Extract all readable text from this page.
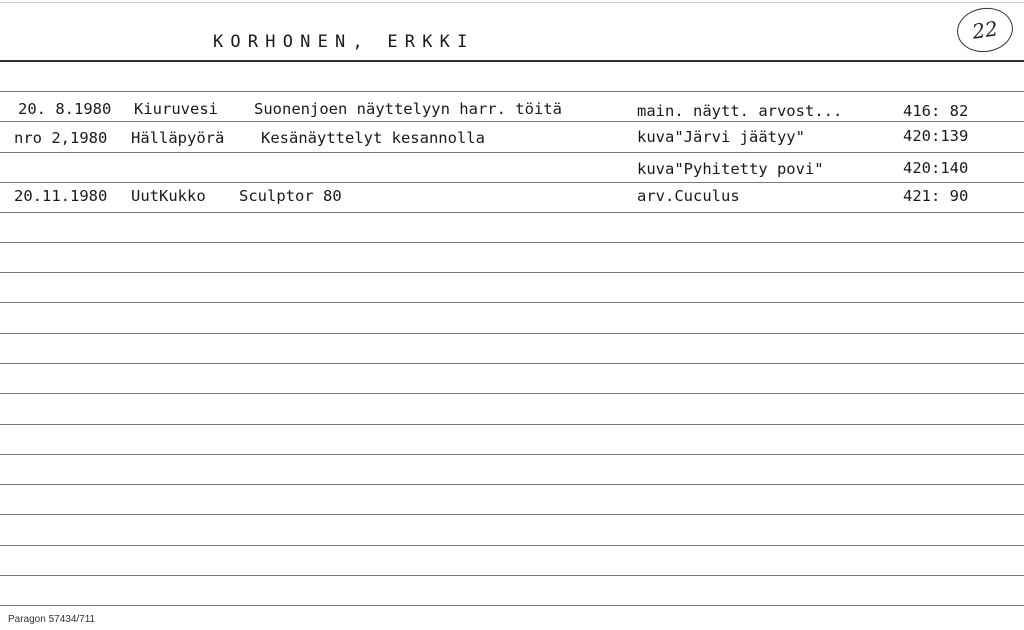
KORHONEN, ERKKI	22
20. 8.1980 Kiuruvesi Suonenjoen näyttelyyn harr. töitä	main. näytt. arvost...	416: 82
nro 2,1980 Hälläpyörä Kesänäyttelyt kesannolla	kuva"Järvi jäätyy"	420:139
kuva"Pyhitetty povi"	420:140
20.11.1980 UutKukko Sculptor 80	arv.Cuculus	421: 90
Paragon 57434/711
